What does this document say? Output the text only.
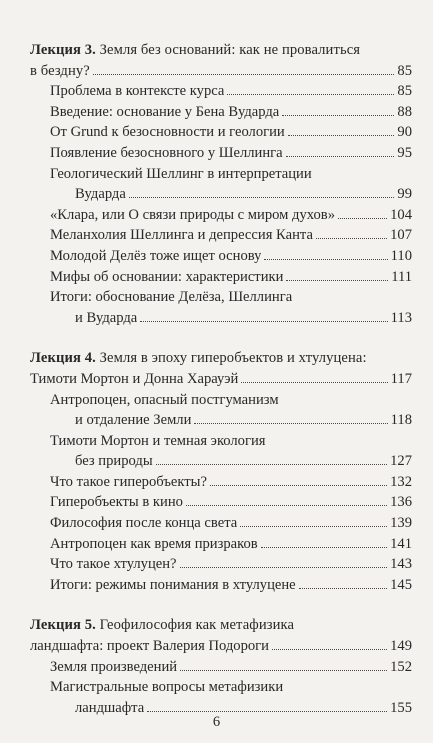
Лекция 3. Земля без оснований: как не провалиться
в бездну?	85
Проблема в контексте курса	85
Введение: основание у Бена Вударда	88
От Grund к безосновности и геологии	90
Появление безосновного у Шеллинга	95
Геологический Шеллинг в интерпретации
Вударда	99
«Клара, или О связи природы с миром духов»	104
Меланхолия Шеллинга и депрессия Канта	107
Молодой Делёз тоже ищет основу	110
Мифы об основании: характеристики	111
Итоги: обоснование Делёза, Шеллинга
и Вударда	113
Лекция 4. Земля в эпоху гиперобъектов и хтулуцена:
Тимоти Мортон и Донна Харауэй	117
Антропоцен, опасный постгуманизм
и отдаление Земли	118
Тимоти Мортон и темная экология
без природы	127
Что такое гиперобъекты?	132
Гиперобъекты в кино	136
Философия после конца света	139
Антропоцен как время призраков	141
Что такое хтулуцен?	143
Итоги: режимы понимания в хтулуцене	145
Лекция 5. Геофилософия как метафизика
ландшафта: проект Валерия Подороги	149
Земля произведений	152
Магистральные вопросы метафизики
ландшафта	155
6
